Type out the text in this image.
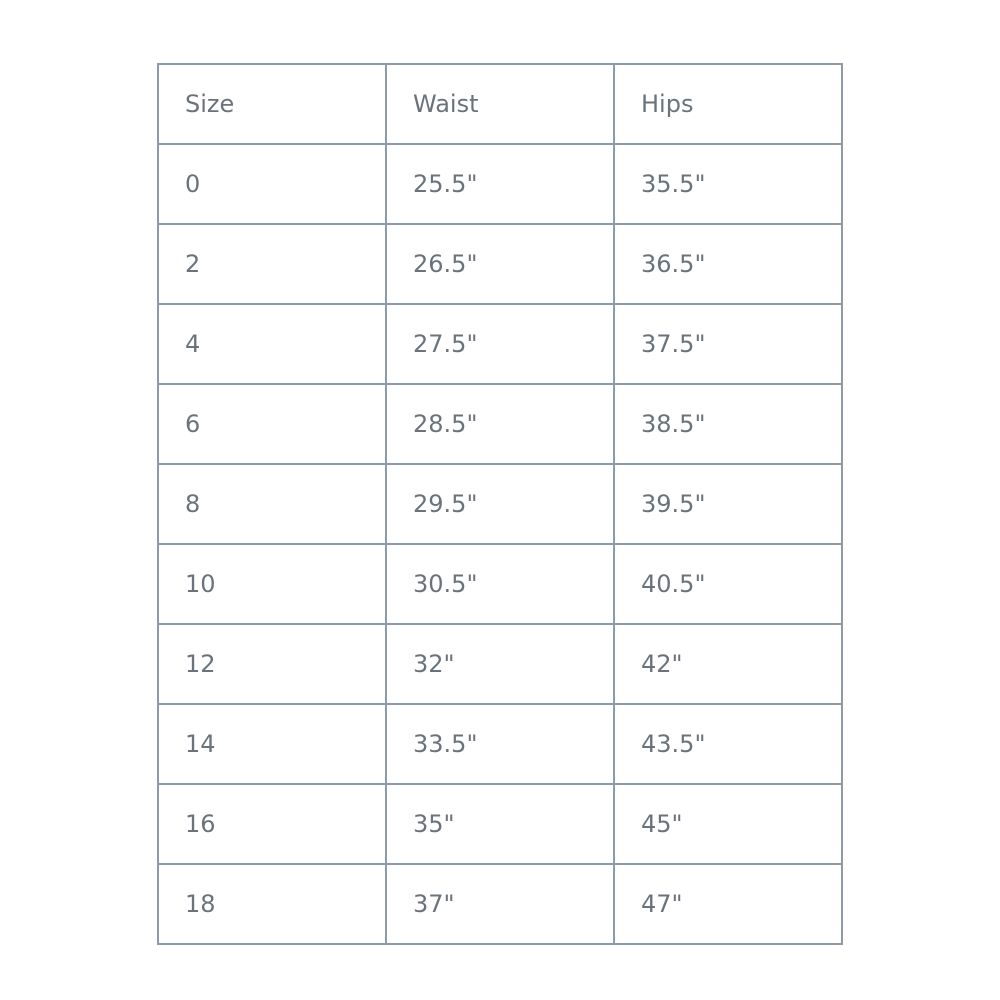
Size	Waist	Hips
0	25.5"	35.5"
2	26.5"	36.5"
4	27.5"	37.5"
6	28.5"	38.5"
8	29.5"	39.5"
10	30.5"	40.5"
12	32"	42"
14	33.5"	43.5"
16	35"	45"
18	37"	47"
